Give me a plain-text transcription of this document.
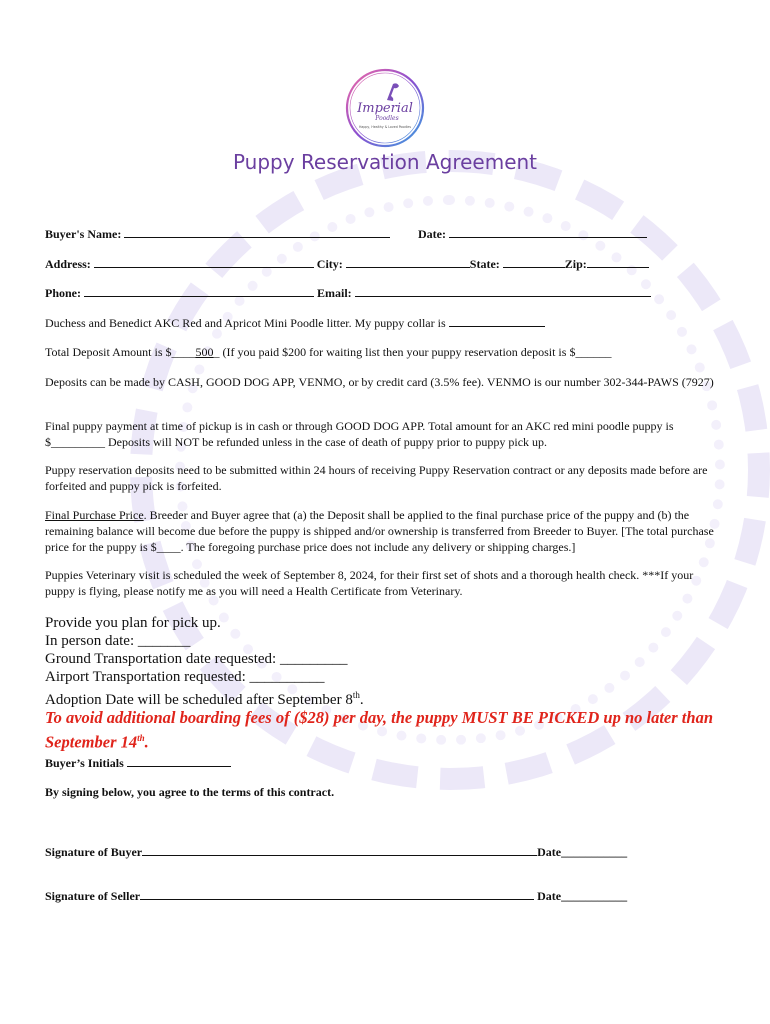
Imperial
Poodles
Happy, Healthy & Loved Poodles
Puppy Reservation Agreement
Buyer's Name:	Date:
Address:	City:	State:	Zip:
Phone:	Email:
Duchess and Benedict AKC Red and Apricot Mini Poodle litter. My puppy collar is
Total Deposit Amount is $____500_ (If you paid $200 for waiting list then your puppy reservation deposit is $______
Deposits can be made by CASH, GOOD DOG APP, VENMO, or by credit card (3.5% fee). VENMO is our number 302-344-PAWS (7927)
Final puppy payment at time of pickup is in cash or through GOOD DOG APP. Total amount for an AKC red mini poodle puppy is $_________ Deposits will NOT be refunded unless in the case of death of puppy prior to puppy pick up.
Puppy reservation deposits need to be submitted within 24 hours of receiving Puppy Reservation contract or any deposits made before are forfeited and puppy pick is forfeited.
Final Purchase Price. Breeder and Buyer agree that (a) the Deposit shall be applied to the final purchase price of the puppy and (b) the remaining balance will become due before the puppy is shipped and/or ownership is transferred from Breeder to Buyer. [The total purchase price for the puppy is $____. The foregoing purchase price does not include any delivery or shipping charges.]
Puppies Veterinary visit is scheduled the week of September 8, 2024, for their first set of shots and a thorough health check. ***If your puppy is flying, please notify me as you will need a Health Certificate from Veterinary.
Provide you plan for pick up.
In person date: _______
Ground Transportation date requested: _________
Airport Transportation requested: __________
Adoption Date will be scheduled after September 8th.
To avoid additional boarding fees of ($28) per day, the puppy MUST BE PICKED up no later than September 14th.
Buyer’s Initials
By signing below, you agree to the terms of this contract.
Signature of Buyer	Date___________
Signature of Seller	Date___________
